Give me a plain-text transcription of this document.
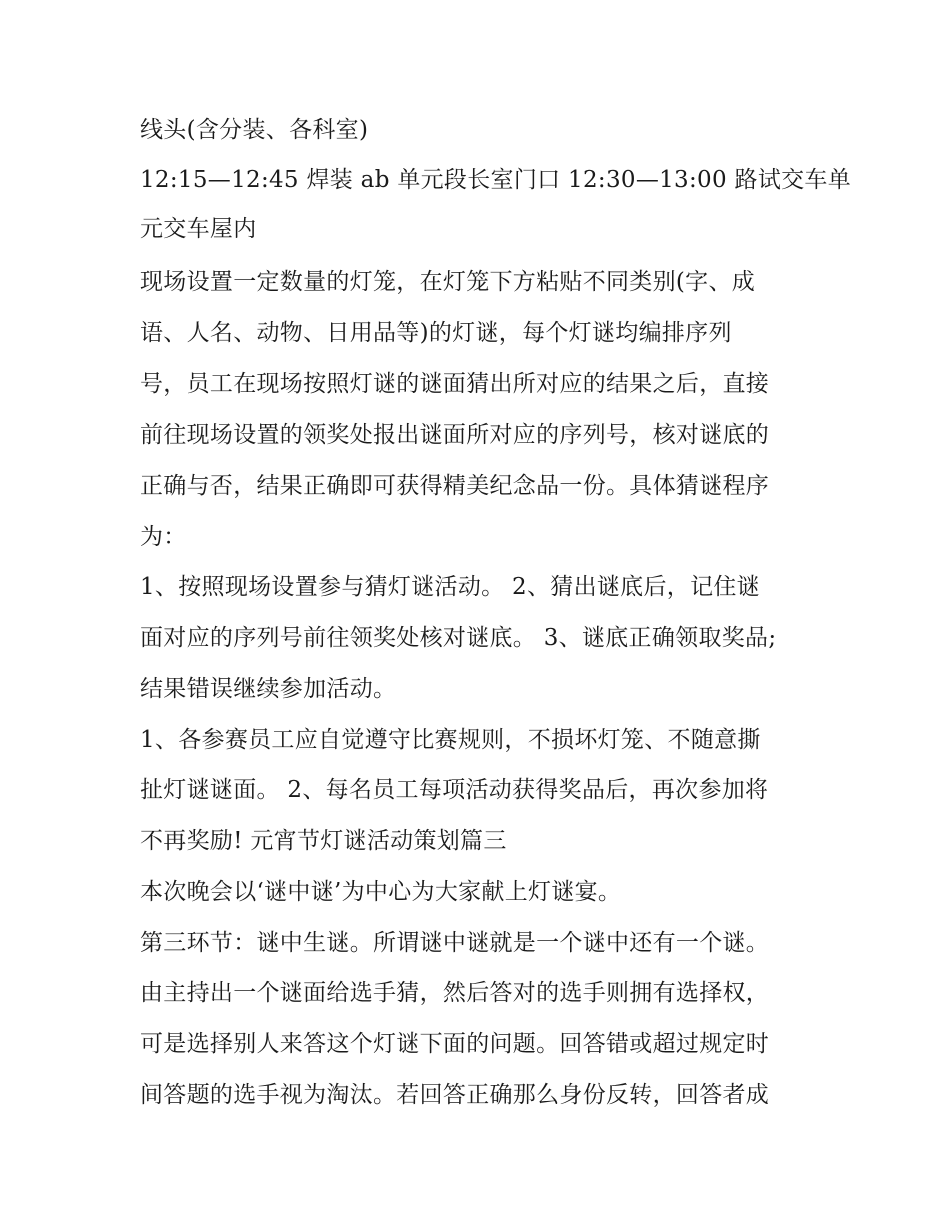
线头(含分装、各科室)
12:15—12:45 焊装 ab 单元段长室门口 12:30—13:00 路试交车单
元交车屋内
现场设置一定数量的灯笼，在灯笼下方粘贴不同类别(字、成
语、人名、动物、日用品等)的灯谜，每个灯谜均编排序列
号，员工在现场按照灯谜的谜面猜出所对应的结果之后，直接
前往现场设置的领奖处报出谜面所对应的序列号，核对谜底的
正确与否，结果正确即可获得精美纪念品一份。具体猜谜程序
为：
1、按照现场设置参与猜灯谜活动。 2、猜出谜底后，记住谜
面对应的序列号前往领奖处核对谜底。 3、谜底正确领取奖品;
结果错误继续参加活动。
1、各参赛员工应自觉遵守比赛规则，不损坏灯笼、不随意撕
扯灯谜谜面。 2、每名员工每项活动获得奖品后，再次参加将
不再奖励! 元宵节灯谜活动策划篇三
本次晚会以‘谜中谜’为中心为大家献上灯谜宴。
第三环节：谜中生谜。所谓谜中谜就是一个谜中还有一个谜。
由主持出一个谜面给选手猜，然后答对的选手则拥有选择权，
可是选择别人来答这个灯谜下面的问题。回答错或超过规定时
间答题的选手视为淘汰。若回答正确那么身份反转，回答者成
